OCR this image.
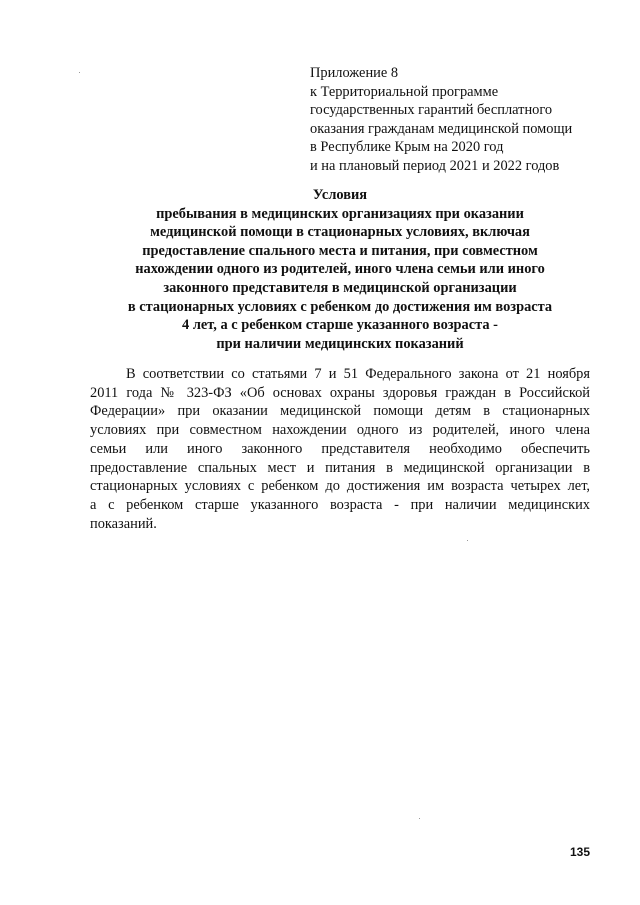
Приложение 8
к Территориальной программе
государственных гарантий бесплатного
оказания гражданам медицинской помощи
в Республике Крым на 2020 год
и на плановый период 2021 и 2022 годов
Условия
пребывания в медицинских организациях при оказании
медицинской помощи в стационарных условиях, включая
предоставление спального места и питания, при совместном
нахождении одного из родителей, иного члена семьи или иного
законного представителя в медицинской организации
в стационарных условиях с ребенком до достижения им возраста
4 лет, а с ребенком старше указанного возраста -
при наличии медицинских показаний
В соответствии со статьями 7 и 51 Федерального закона от 21 ноября
2011 года № 323-ФЗ «Об основах охраны здоровья граждан в Российской
Федерации» при оказании медицинской помощи детям в стационарных
условиях при совместном нахождении одного из родителей, иного члена
семьи или иного законного представителя необходимо обеспечить
предоставление спальных мест и питания в медицинской организации в
стационарных условиях с ребенком до достижения им возраста четырех лет,
а с ребенком старше указанного возраста - при наличии медицинских
показаний.
135
